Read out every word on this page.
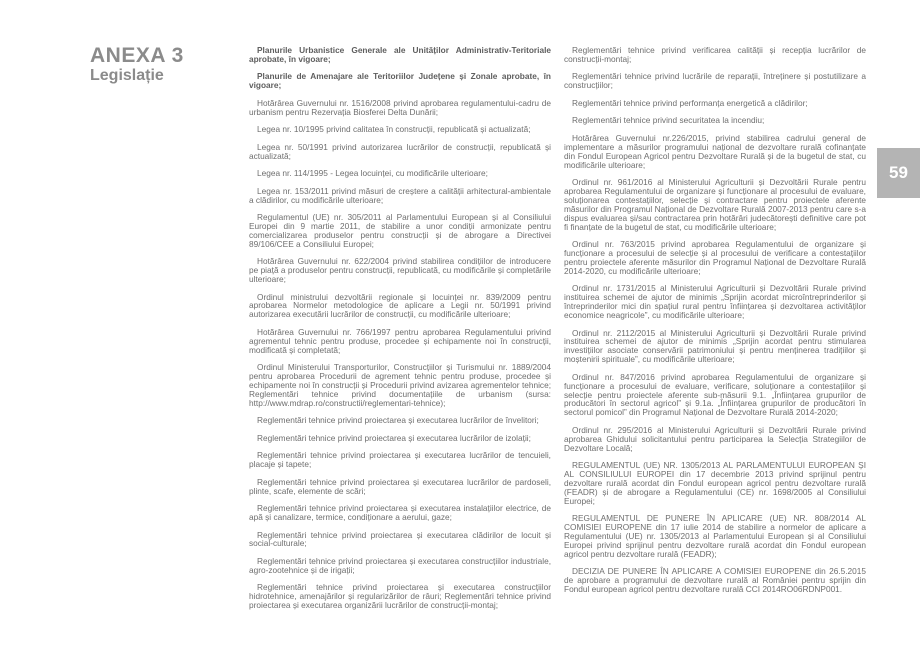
ANEXA 3
Legislație

Planurile Urbanistice Generale ale Unităților Administrativ-Teritoriale aprobate, în vigoare;

Planurile de Amenajare ale Teritoriilor Județene și Zonale aprobate, în vigoare;

Hotărârea Guvernului nr. 1516/2008 privind aprobarea regulamentului-cadru de urbanism pentru Rezervația Biosferei Delta Dunării;

Legea nr. 10/1995 privind calitatea în construcții, republicată și actualizată;

Legea nr. 50/1991 privind autorizarea lucrărilor de construcții, republicată și actualizată;

Legea nr. 114/1995 - Legea locuinței, cu modificările ulterioare;

Legea nr. 153/2011 privind măsuri de creștere a calității arhitectural-ambientale a clădirilor, cu modificările ulterioare;

Regulamentul (UE) nr. 305/2011 al Parlamentului European și al Consiliului Europei din 9 martie 2011, de stabilire a unor condiții armonizate pentru comercializarea produselor pentru construcții și de abrogare a Directivei 89/106/CEE a Consiliului Europei;

Hotărârea Guvernului nr. 622/2004 privind stabilirea condițiilor de introducere pe piață a produselor pentru construcții, republicată, cu modificările și completările ulterioare;

Ordinul ministrului dezvoltării regionale și locuinței nr. 839/2009 pentru aprobarea Normelor metodologice de aplicare a Legii nr. 50/1991 privind autorizarea executării lucrărilor de construcții, cu modificările ulterioare;

Hotărârea Guvernului nr. 766/1997 pentru aprobarea Regulamentului privind agrementul tehnic pentru produse, procedee și echipamente noi în construcții, modificată și completată;

Ordinul Ministerului Transporturilor, Construcțiilor și Turismului nr. 1889/2004 pentru aprobarea Procedurii de agrement tehnic pentru produse, procedee și echipamente noi în construcții și Procedurii privind avizarea agrementelor tehnice; Reglementări tehnice privind documentațiile de urbanism (sursa: http://www.mdrap.ro/constructii/reglementari-tehnice);

Reglementări tehnice privind proiectarea și executarea lucrărilor de învelitori;

Reglementări tehnice privind proiectarea și executarea lucrărilor de izolații;

Reglementări tehnice privind proiectarea și executarea lucrărilor de tencuieli, placaje și tapete;

Reglementări tehnice privind proiectarea și executarea lucrărilor de pardoseli, plinte, scafe, elemente de scări;

Reglementări tehnice privind proiectarea și executarea instalațiilor electrice, de apă și canalizare, termice, condiționare a aerului, gaze;

Reglementări tehnice privind proiectarea și executarea clădirilor de locuit și social-culturale;

Reglementări tehnice privind proiectarea și executarea construcțiilor industriale, agro-zootehnice și de irigații;

Reglementări tehnice privind proiectarea și executarea construcțiilor hidrotehnice, amenajărilor și regularizărilor de râuri; Reglementări tehnice privind proiectarea și executarea organizării lucrărilor de construcții-montaj;

Reglementări tehnice privind verificarea calității și recepția lucrărilor de construcții-montaj;

Reglementări tehnice privind lucrările de reparații, întreținere și postutilizare a construcțiilor;

Reglementări tehnice privind performanța energetică a clădirilor;

Reglementări tehnice privind securitatea la incendiu;

Hotărârea Guvernului nr.226/2015, privind stabilirea cadrului general de implementare a măsurilor programului național de dezvoltare rurală cofinanțate din Fondul European Agricol pentru Dezvoltare Rurală și de la bugetul de stat, cu modificările ulterioare;

Ordinul nr. 961/2016 al Ministerului Agriculturii și Dezvoltării Rurale pentru aprobarea Regulamentului de organizare și funcționare al procesului de evaluare, soluționarea contestațiilor, selecție și contractare pentru proiectele aferente măsurilor din Programul Național de Dezvoltare Rurală 2007-2013 pentru care s-a dispus evaluarea și/sau contractarea prin hotărâri judecătorești definitive care pot fi finanțate de la bugetul de stat, cu modificările ulterioare;

Ordinul nr. 763/2015 privind aprobarea Regulamentului de organizare și funcționare a procesului de selecție și al procesului de verificare a contestațiilor pentru proiectele aferente măsurilor din Programul Național de Dezvoltare Rurală 2014-2020, cu modificările ulterioare;

Ordinul nr. 1731/2015 al Ministerului Agriculturii și Dezvoltării Rurale privind instituirea schemei de ajutor de minimis „Sprijin acordat microîntreprinderilor și întreprinderilor mici din spațiul rural pentru înființarea și dezvoltarea activităților economice neagricole”, cu modificările ulterioare;

Ordinul nr. 2112/2015 al Ministerului Agriculturii și Dezvoltării Rurale privind instituirea schemei de ajutor de minimis „Sprijin acordat pentru stimularea investițiilor asociate conservării patrimoniului și pentru menținerea tradițiilor și moștenirii spirituale”, cu modificările ulterioare;

Ordinul nr. 847/2016 privind aprobarea Regulamentului de organizare și funcționare a procesului de evaluare, verificare, soluționare a contestațiilor și selecție pentru proiectele aferente sub-măsurii 9.1. „Înființarea grupurilor de producători în sectorul agricol” și 9.1a. „Înființarea grupurilor de producători în sectorul pomicol” din Programul Național de Dezvoltare Rurală 2014-2020;

Ordinul nr. 295/2016 al Ministerului Agriculturii și Dezvoltării Rurale privind aprobarea Ghidului solicitantului pentru participarea la Selecția Strategiilor de Dezvoltare Locală;

REGULAMENTUL (UE) NR. 1305/2013 AL PARLAMENTULUI EUROPEAN ȘI AL CONSILIULUI EUROPEI din 17 decembrie 2013 privind sprijinul pentru dezvoltare rurală acordat din Fondul european agricol pentru dezvoltare rurală (FEADR) și de abrogare a Regulamentului (CE) nr. 1698/2005 al Consiliului Europei;

REGULAMENTUL DE PUNERE ÎN APLICARE (UE) NR. 808/2014 AL COMISIEI EUROPENE din 17 iulie 2014 de stabilire a normelor de aplicare a Regulamentului (UE) nr. 1305/2013 al Parlamentului European și al Consiliului Europei privind sprijinul pentru dezvoltare rurală acordat din Fondul european agricol pentru dezvoltare rurală (FEADR);

DECIZIA DE PUNERE ÎN APLICARE A COMISIEI EUROPENE din 26.5.2015 de aprobare a programului de dezvoltare rurală al României pentru sprijin din Fondul european agricol pentru dezvoltare rurală CCI 2014RO06RDNP001.

59
